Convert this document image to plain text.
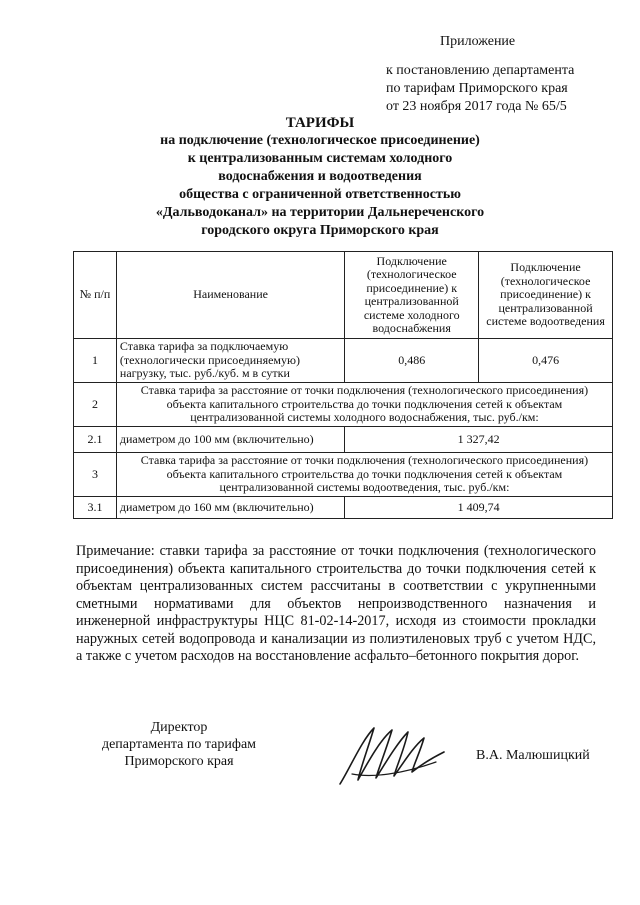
Приложение
к постановлению департамента
по тарифам Приморского края
от 23 ноября 2017 года № 65/5
ТАРИФЫ
на подключение (технологическое присоединение)
к централизованным системам холодного
водоснабжения и водоотведения
общества с ограниченной ответственностью
«Дальводоканал» на территории Дальнереченского
городского округа Приморского края
№ п/п	Наименование	Подключение (технологическое присоединение) к централизованной системе холодного водоснабжения	Подключение (технологическое присоединение) к централизованной системе водоотведения
1	Ставка тарифа за подключаемую (технологически присоединяемую) нагрузку, тыс. руб./куб. м в сутки	0,486	0,476
2	Ставка тарифа за расстояние от точки подключения (технологического присоединения) объекта капитального строительства до точки подключения сетей к объектам централизованной системы холодного водоснабжения, тыс. руб./км:		
2.1	диаметром до 100 мм (включительно)	1 327,42	
3	Ставка тарифа за расстояние от точки подключения (технологического присоединения) объекта капитального строительства до точки подключения сетей к объектам централизованной системы водоотведения, тыс. руб./км:		
3.1	диаметром до 160 мм (включительно)	1 409,74	
Примечание: ставки тарифа за расстояние от точки подключения (технологического присоединения) объекта капитального строительства до точки подключения сетей к объектам централизованных систем рассчитаны в соответствии с укрупненными сметными нормативами для объектов непроизводственного назначения и инженерной инфраструктуры НЦС 81-02-14-2017, исходя из стоимости прокладки наружных сетей водопровода и канализации из полиэтиленовых труб с учетом НДС, а также с учетом расходов на восстановление асфальто–бетонного покрытия дорог.
Директор
департамента по тарифам
Приморского края	В.А. Малюшицкий
